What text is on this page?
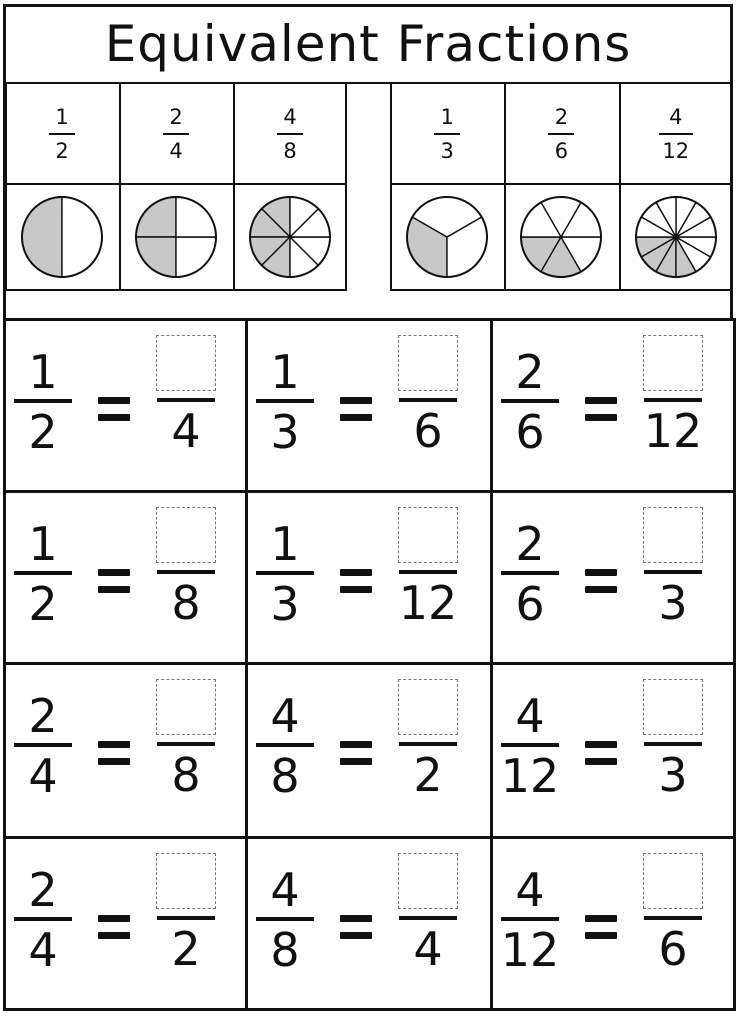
Equivalent Fractions
1
2
2
4
4
8
1
3
2
6
4
12
1
2 4
1
3 6
2
6 12
1
2 8
1
3 12
2
6 3
2
4 8
4
8 2
4
12 3
2
4 2
4
8 4
4
12 6
